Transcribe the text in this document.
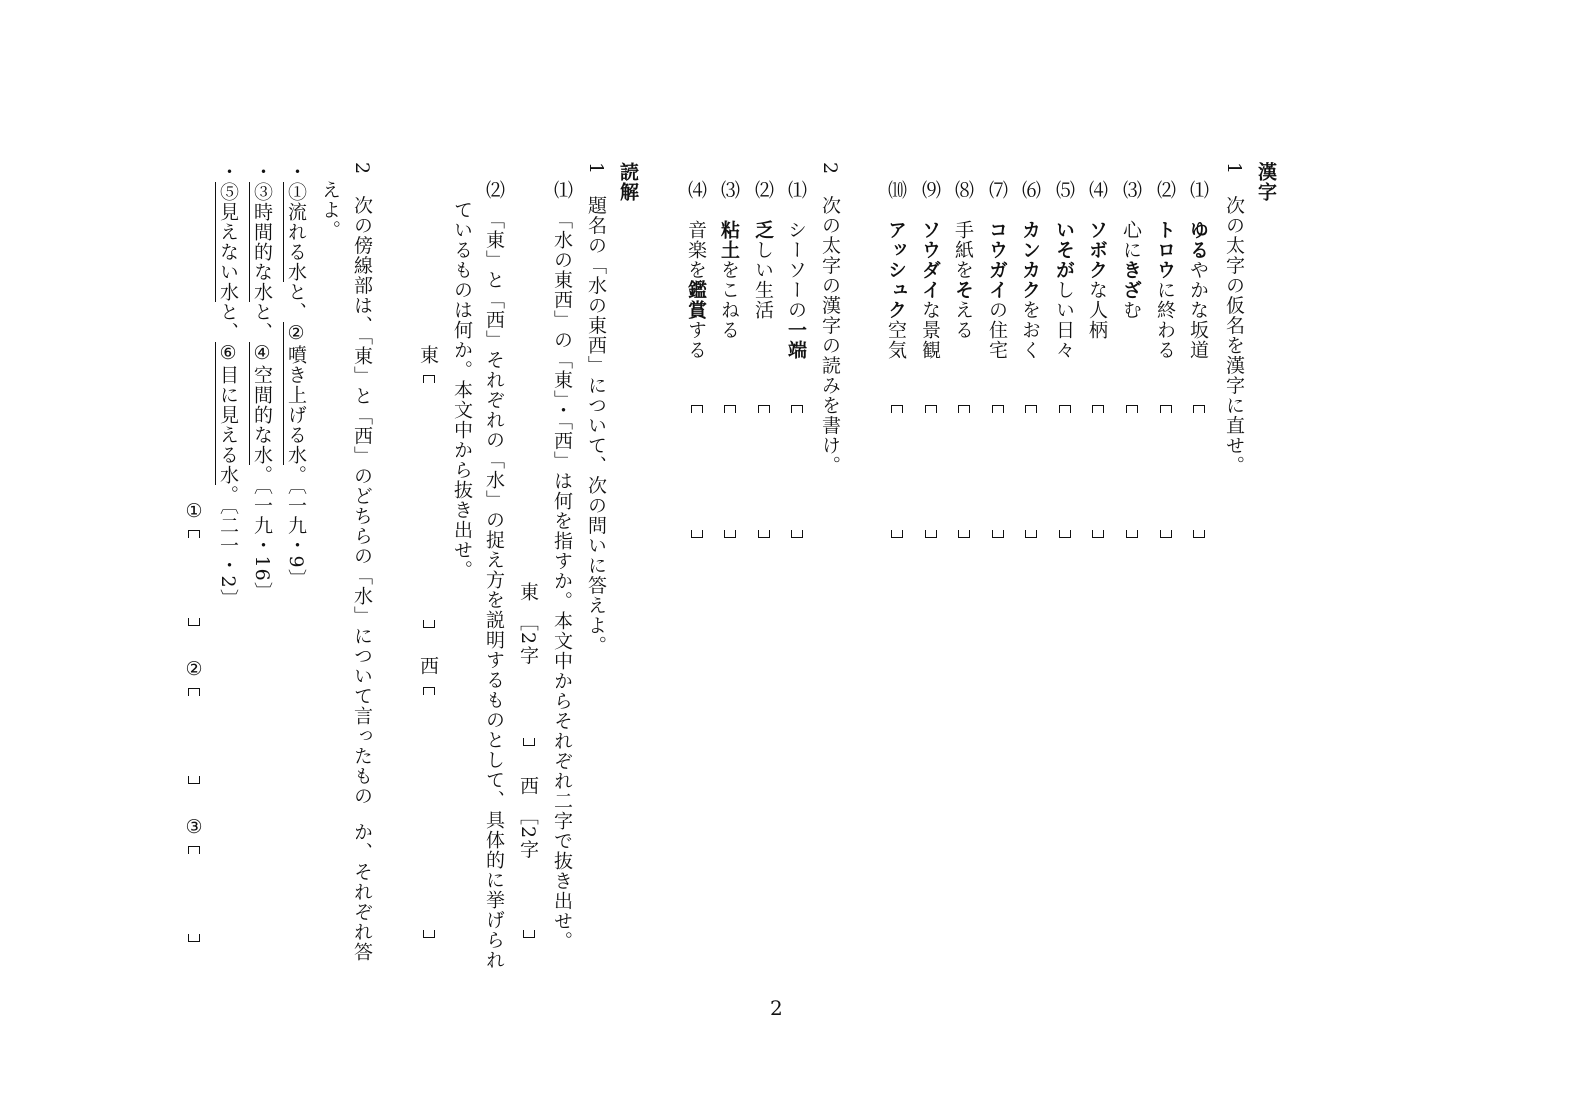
漢字
1　次の太字の仮名を漢字に直せ。
⑴　ゆるやかな坂道
⑵　トロウに終わる
⑶　心にきざむ
⑷　ソボクな人柄
⑸　いそがしい日々
⑹　カンカクをおく
⑺　コウガイの住宅
⑻　手紙をそえる
⑼　ソウダイな景観
⑽　アッシュク空気
2　次の太字の漢字の読みを書け。
⑴　シーソーの一端
⑵　乏しい生活
⑶　粘土をこねる
⑷　音楽を鑑賞する
読解
1　題名の「水の東西」について、次の問いに答えよ。
⑴
「水の東西」の「東」・「西」は何を指すか。本文中からそれぞれ二字で抜き出せ。
東
［2字
西
［2字
⑵
「東」と「西」それぞれの「水」の捉え方を説明するものとして、具体的に挙げられ
ているものは何か。本文中から抜き出せ。
東
西
2　次の傍線部は、「東」と「西」のどちらの「水」について言ったもの
か、それぞれ答
えよ。
・①流れる水と、②噴き上げる水。〔一九・9〕
・③時間的な水と、④空間的な水。〔一九・16〕
・⑤見えない水と、⑥目に見える水。〔二一・2〕
①
②
③
2
